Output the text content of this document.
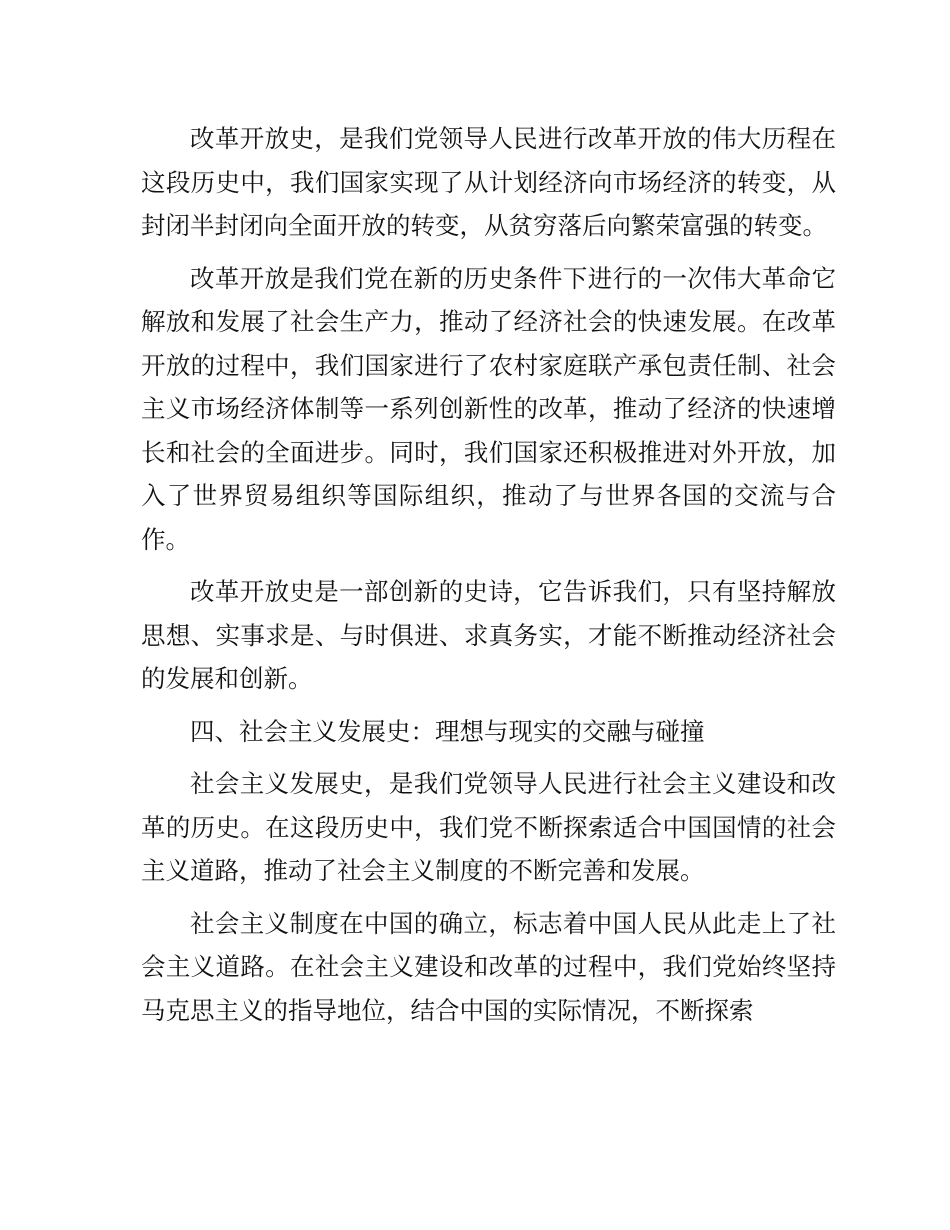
改革开放史，是我们党领导人民进行改革开放的伟大历程在这段历史中，我们国家实现了从计划经济向市场经济的转变，从封闭半封闭向全面开放的转变，从贫穷落后向繁荣富强的转变。

改革开放是我们党在新的历史条件下进行的一次伟大革命它解放和发展了社会生产力，推动了经济社会的快速发展。在改革开放的过程中，我们国家进行了农村家庭联产承包责任制、社会主义市场经济体制等一系列创新性的改革，推动了经济的快速增长和社会的全面进步。同时，我们国家还积极推进对外开放，加入了世界贸易组织等国际组织，推动了与世界各国的交流与合作。

改革开放史是一部创新的史诗，它告诉我们，只有坚持解放思想、实事求是、与时俱进、求真务实，才能不断推动经济社会的发展和创新。

四、社会主义发展史：理想与现实的交融与碰撞

社会主义发展史，是我们党领导人民进行社会主义建设和改革的历史。在这段历史中，我们党不断探索适合中国国情的社会主义道路，推动了社会主义制度的不断完善和发展。

社会主义制度在中国的确立，标志着中国人民从此走上了社会主义道路。在社会主义建设和改革的过程中，我们党始终坚持马克思主义的指导地位，结合中国的实际情况，不断探索
